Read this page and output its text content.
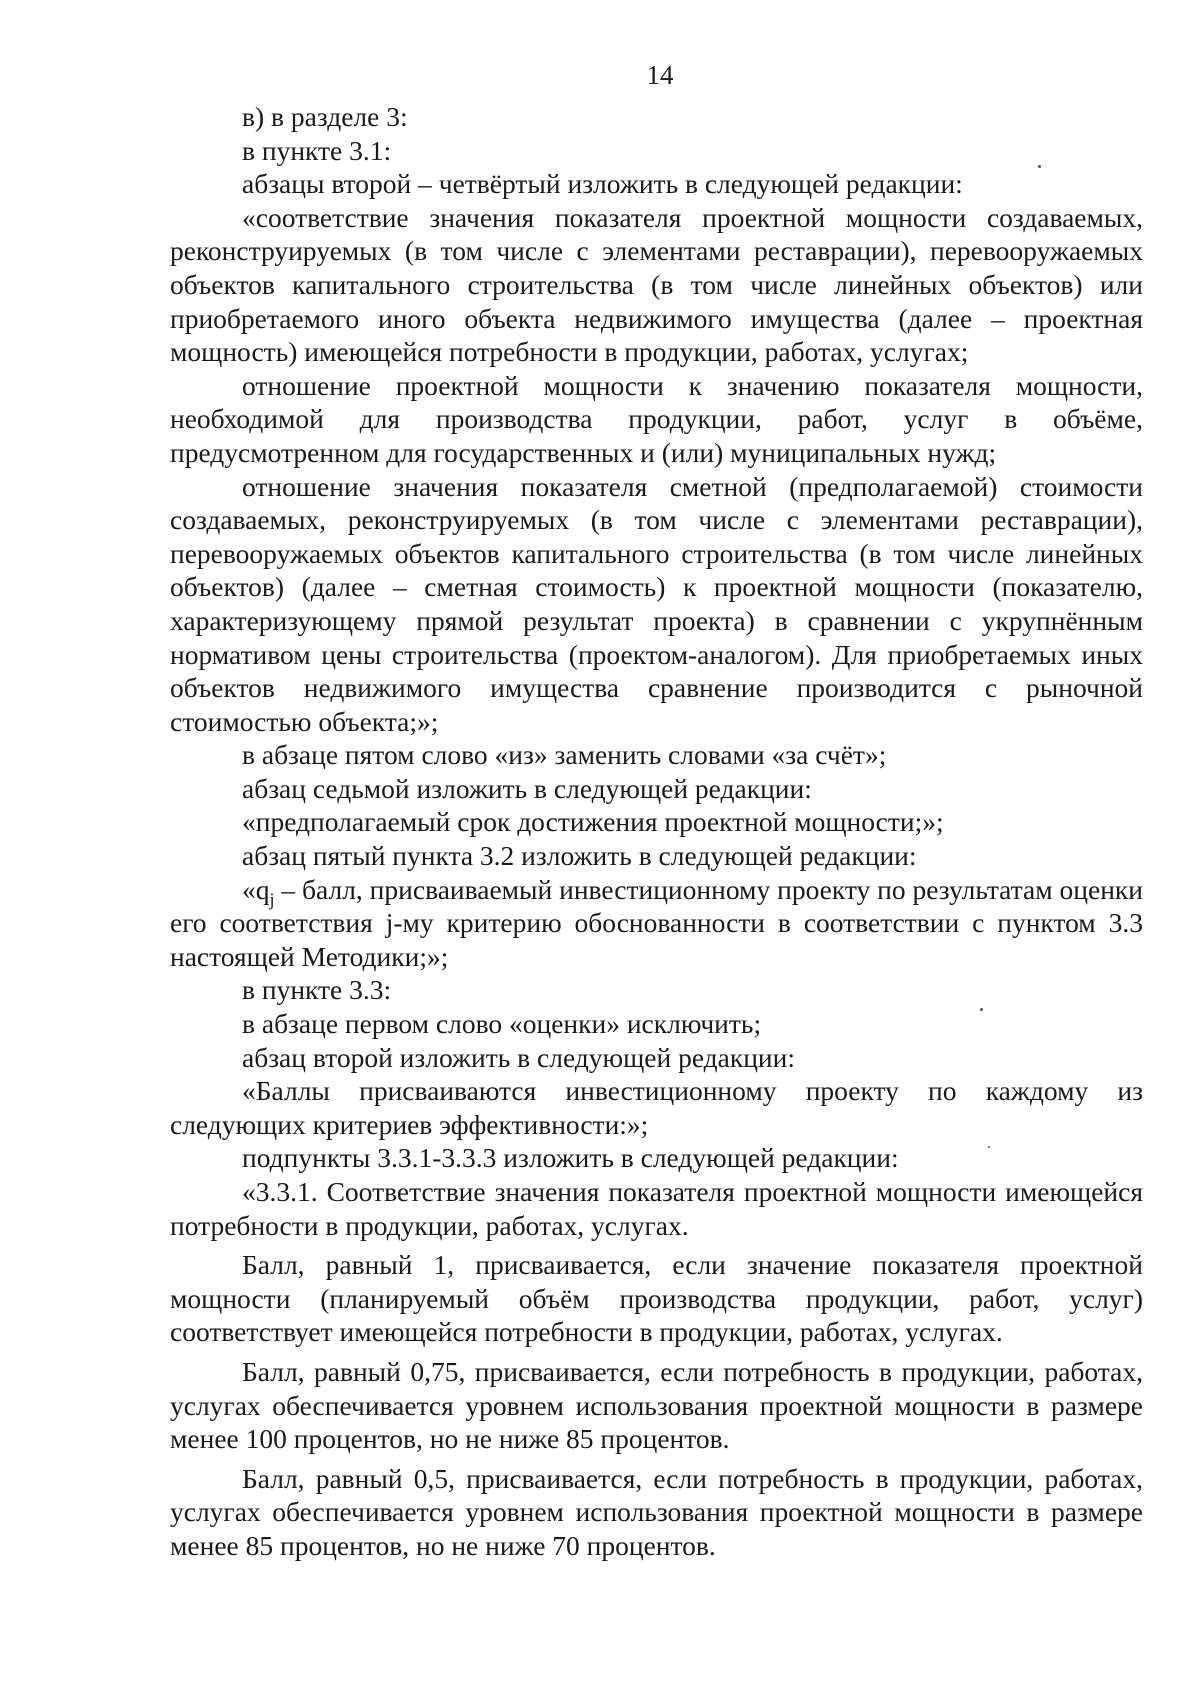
14

в) в разделе 3:

в пункте 3.1:

абзацы второй – четвёртый изложить в следующей редакции:

«соответствие значения показателя проектной мощности создаваемых, реконструируемых (в том числе с элементами реставрации), перевооружаемых объектов капитального строительства (в том числе линейных объектов) или приобретаемого иного объекта недвижимого имущества (далее – проектная мощность) имеющейся потребности в продукции, работах, услугах;

отношение проектной мощности к значению показателя мощности, необходимой для производства продукции, работ, услуг в объёме, предусмотренном для государственных и (или) муниципальных нужд;

отношение значения показателя сметной (предполагаемой) стоимости создаваемых, реконструируемых (в том числе с элементами реставрации), перевооружаемых объектов капитального строительства (в том числе линейных объектов) (далее – сметная стоимость) к проектной мощности (показателю, характеризующему прямой результат проекта) в сравнении с укрупнённым нормативом цены строительства (проектом-аналогом). Для приобретаемых иных объектов недвижимого имущества сравнение производится с рыночной стоимостью объекта;»;

в абзаце пятом слово «из» заменить словами «за счёт»;

абзац седьмой изложить в следующей редакции:

«предполагаемый срок достижения проектной мощности;»;

абзац пятый пункта 3.2 изложить в следующей редакции:

«$q_j$ – балл, присваиваемый инвестиционному проекту по результатам оценки его соответствия j-му критерию обоснованности в соответствии с пунктом 3.3 настоящей Методики;»;

в пункте 3.3:

в абзаце первом слово «оценки» исключить;

абзац второй изложить в следующей редакции:

«Баллы присваиваются инвестиционному проекту по каждому из следующих критериев эффективности:»;

подпункты 3.3.1-3.3.3 изложить в следующей редакции:

«3.3.1. Соответствие значения показателя проектной мощности имеющейся потребности в продукции, работах, услугах.

Балл, равный 1, присваивается, если значение показателя проектной мощности (планируемый объём производства продукции, работ, услуг) соответствует имеющейся потребности в продукции, работах, услугах.

Балл, равный 0,75, присваивается, если потребность в продукции, работах, услугах обеспечивается уровнем использования проектной мощности в размере менее 100 процентов, но не ниже 85 процентов.

Балл, равный 0,5, присваивается, если потребность в продукции, работах, услугах обеспечивается уровнем использования проектной мощности в размере менее 85 процентов, но не ниже 70 процентов.
